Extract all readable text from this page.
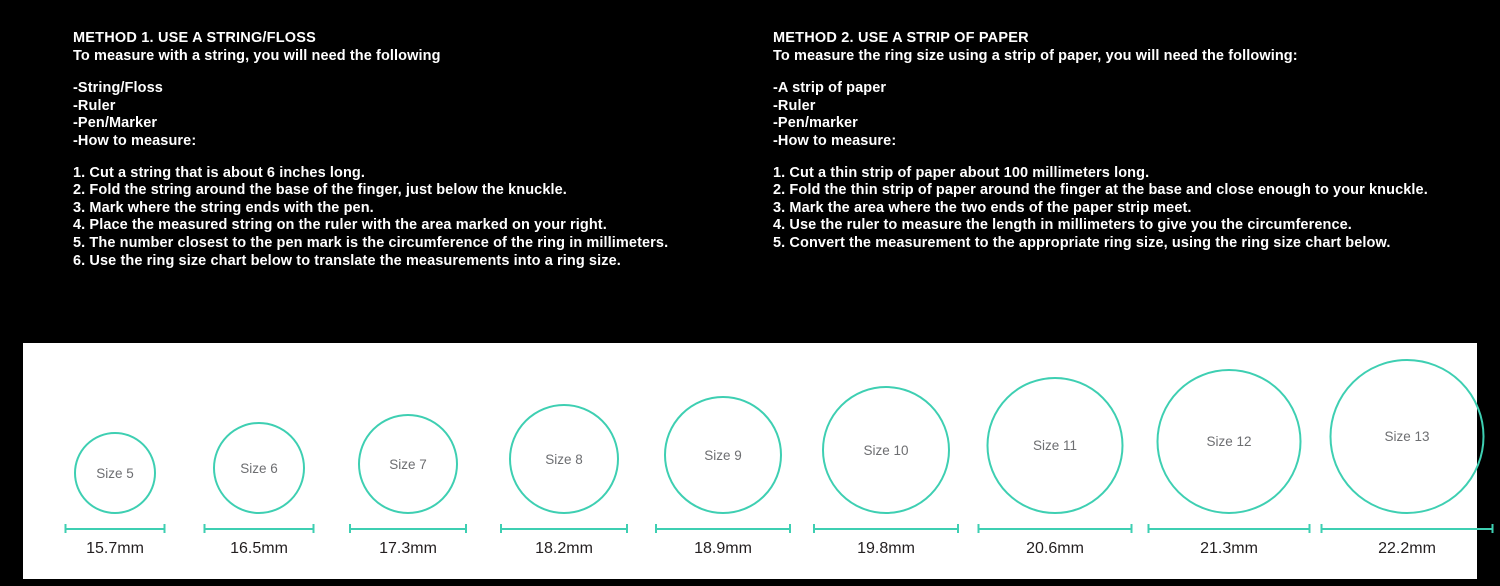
METHOD 1. USE A STRING/FLOSS
To measure with a string, you will need the following
-String/Floss
-Ruler
-Pen/Marker
-How to measure:
1. Cut a string that is about 6 inches long.
2. Fold the string around the base of the finger, just below the knuckle.
3. Mark where the string ends with the pen.
4. Place the measured string on the ruler with the area marked on your right.
5. The number closest to the pen mark is the circumference of the ring in millimeters.
6. Use the ring size chart below to translate the measurements into a ring size.
METHOD 2. USE A STRIP OF PAPER
To measure the ring size using a strip of paper, you will need the following:
-A strip of paper
-Ruler
-Pen/marker
-How to measure:
1. Cut a thin strip of paper about 100 millimeters long.
2. Fold the thin strip of paper around the finger at the base and close enough to your knuckle.
3. Mark the area where the two ends of the paper strip meet.
4. Use the ruler to measure the length in millimeters to give you the circumference.
5. Convert the measurement to the appropriate ring size, using the ring size chart below.
Size 5
15.7mm
Size 6
16.5mm
Size 7
17.3mm
Size 8
18.2mm
Size 9
18.9mm
Size 10
19.8mm
Size 11
20.6mm
Size 12
21.3mm
Size 13
22.2mm
